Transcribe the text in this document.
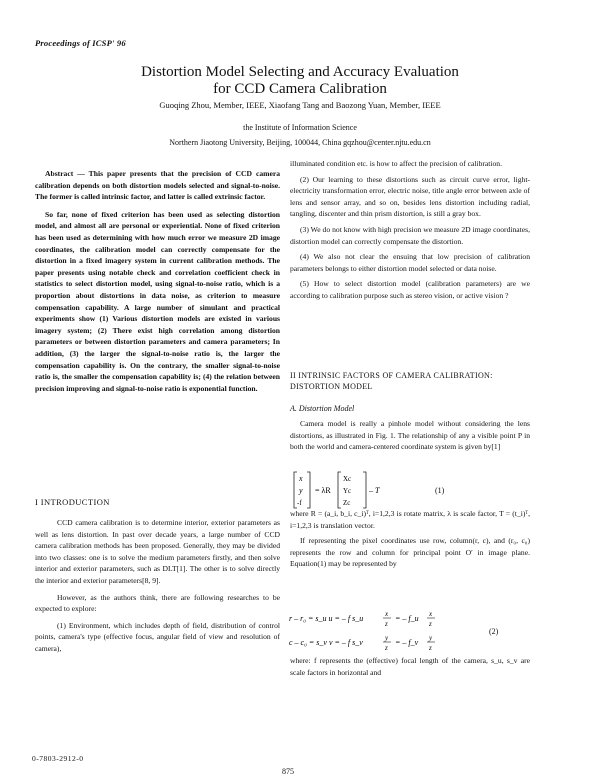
Proceedings of ICSP' 96
Distortion Model Selecting and Accuracy Evaluation
for CCD Camera Calibration
Guoqing Zhou, Member, IEEE, Xiaofang Tang and Baozong Yuan, Member, IEEE
the Institute of Information Science
Northern Jiaotong University, Beijing, 100044, China gqzhou@center.njtu.edu.cn

Abstract — This paper presents that the precision of CCD camera calibration depends on both distortion models selected and signal-to-noise. The former is called intrinsic factor, and latter is called extrinsic factor.

So far, none of fixed criterion has been used as selecting distortion model, and almost all are personal or experiential. None of fixed criterion has been used as determining with how much error we measure 2D image coordinates, the calibration model can correctly compensate for the distortion in a fixed imagery system in current calibration methods. The paper presents using notable check and correlation coefficient check in statistics to select distortion model, using signal-to-noise ratio, which is a proportion about distortions in data noise, as criterion to measure compensation capability. A large number of simulant and practical experiments show (1) Various distortion models are existed in various imagery system; (2) There exist high correlation among distortion parameters or between distortion parameters and camera parameters; In addition, (3) the larger the signal-to-noise ratio is, the larger the compensation capability is. On the contrary, the smaller signal-to-noise ratio is, the smaller the compensation capability is; (4) the relation between precision improving and signal-to-noise ratio is exponential function.

I INTRODUCTION

CCD camera calibration is to determine interior, exterior parameters as well as lens distortion. In past over decade years, a large number of CCD camera calibration methods has been proposed. Generally, they may be divided into two classes: one is to solve the medium parameters firstly, and then solve interior and exterior parameters, such as DLT[1]. The other is to solve directly the interior and exterior parameters[8, 9].

However, as the authors think, there are following researches to be expected to explore:

(1) Environment, which includes depth of field, distribution of control points, camera's type (effective focus, angular field of view and resolution of camera),

illuminated condition etc. is how to affect the precision of calibration.

(2) Our learning to these distortions such as circuit curve error, light-electricity transformation error, electric noise, title angle error between axle of lens and sensor array, and so on, besides lens distortion including radial, tangling, discenter and thin prism distortion, is still a gray box.

(3) We do not know with high precision we measure 2D image coordinates, distortion model can correctly compensate the distortion.

(4) We also not clear the ensuing that low precision of calibration parameters belongs to either distortion model selected or data noise.

(5) How to select distortion model (calibration parameters) are we according to calibration purpose such as stereo vision, or active vision ?

II INTRINSIC FACTORS OF CAMERA CALIBRATION: DISTORTION MODEL
A. Distortion Model

Camera model is really a pinhole model without considering the lens distortions, as illustrated in Fig. 1. The relationship of any a visible point P in both the world and camera-centered coordinate system is given by[1]

x
y
-f
= λR
Xc
Yc
Zc
– T	(1)

where R = (a_i, b_i, c_i)ᵀ, i=1,2,3 is rotate matrix, λ is scale factor, T = (t_i)ᵀ, i=1,2,3 is translation vector.

If representing the pixel coordinates use row, column(r, c), and (r₀, c₀) represents the row and column for principal point O′ in image plane. Equation(1) may be represented by

r – r₀ = s_u u = – f s_u	x
z
= – f_u x
z
c – c₀ = s_v v = – f s_v	y
z
= – f_v y
z
(2)

where: f represents the (effective) focal length of the camera, s_u, s_v are scale factors in horizontal and

0-7803-2912-0
875
